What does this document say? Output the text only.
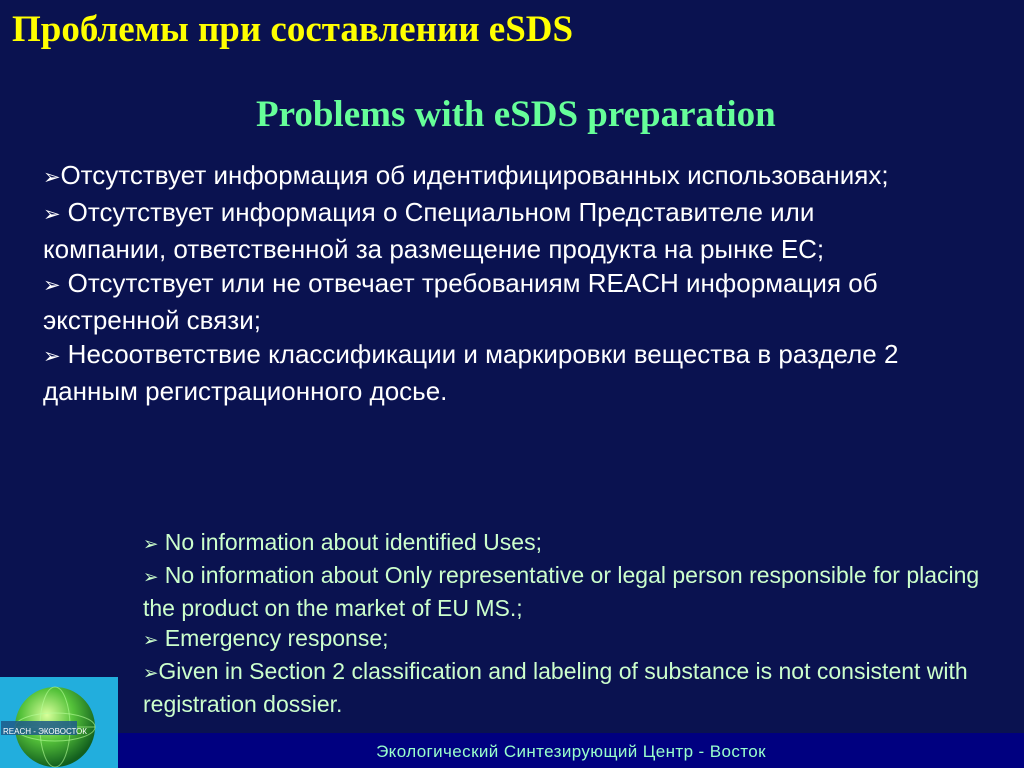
Проблемы при составлении eSDS
Problems with eSDS preparation
➢Отсутствует информация об идентифицированных использованиях;
➢ Отсутствует информация о Специальном Представителе или компании, ответственной за размещение продукта на рынке ЕС;
➢ Отсутствует или не отвечает требованиям REACH информация об экстренной связи;
➢ Несоответствие классификации и маркировки вещества в разделе 2 данным регистрационного досье.
➢ No information about identified Uses;
➢ No information about Only representative or legal person responsible for placing the product on the market of EU MS.;
➢ Emergency response;
➢Given in Section 2 classification and labeling of substance is not consistent with registration dossier.
REACH - ЭКОВОСТОК
Экологический Синтезирующий Центр - Восток
